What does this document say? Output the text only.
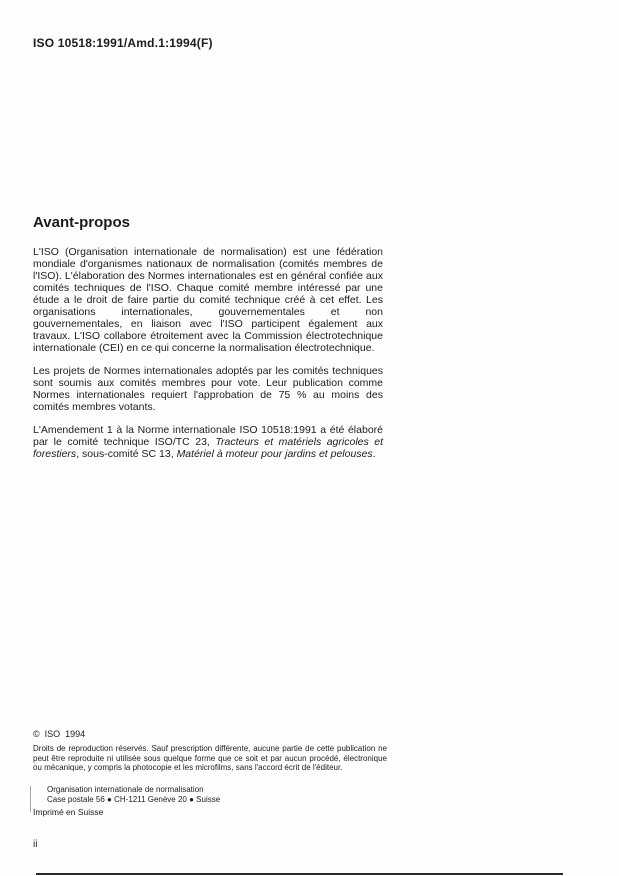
ISO 10518:1991/Amd.1:1994(F)
Avant-propos

L'ISO (Organisation internationale de normalisation) est une fédération mondiale d'organismes nationaux de normalisation (comités membres de l'ISO). L'élaboration des Normes internationales est en général confiée aux comités techniques de l'ISO. Chaque comité membre intéressé par une étude a le droit de faire partie du comité technique créé à cet effet. Les organisations internationales, gouvernementales et non gouvernementales, en liaison avec l'ISO participent également aux travaux. L'ISO collabore étroitement avec la Commission électrotechnique internationale (CEI) en ce qui concerne la normalisation électrotechnique.

Les projets de Normes internationales adoptés par les comités techniques sont soumis aux comités membres pour vote. Leur publication comme Normes internationales requiert l'approbation de 75 % au moins des comités membres votants.

L'Amendement 1 à la Norme internationale ISO 10518:1991 a été élaboré par le comité technique ISO/TC 23, Tracteurs et matériels agricoles et forestiers, sous-comité SC 13, Matériel à moteur pour jardins et pelouses.

©  ISO  1994
Droits de reproduction réservés. Sauf prescription différente, aucune partie de cette publication ne peut être reproduite ni utilisée sous quelque forme que ce soit et par aucun procédé, électronique ou mécanique, y compris la photocopie et les microfilms, sans l'accord écrit de l'éditeur.
Organisation internationale de normalisation
Case postale 56 ● CH-1211 Genève 20 ● Suisse
Imprimé en Suisse
ii
